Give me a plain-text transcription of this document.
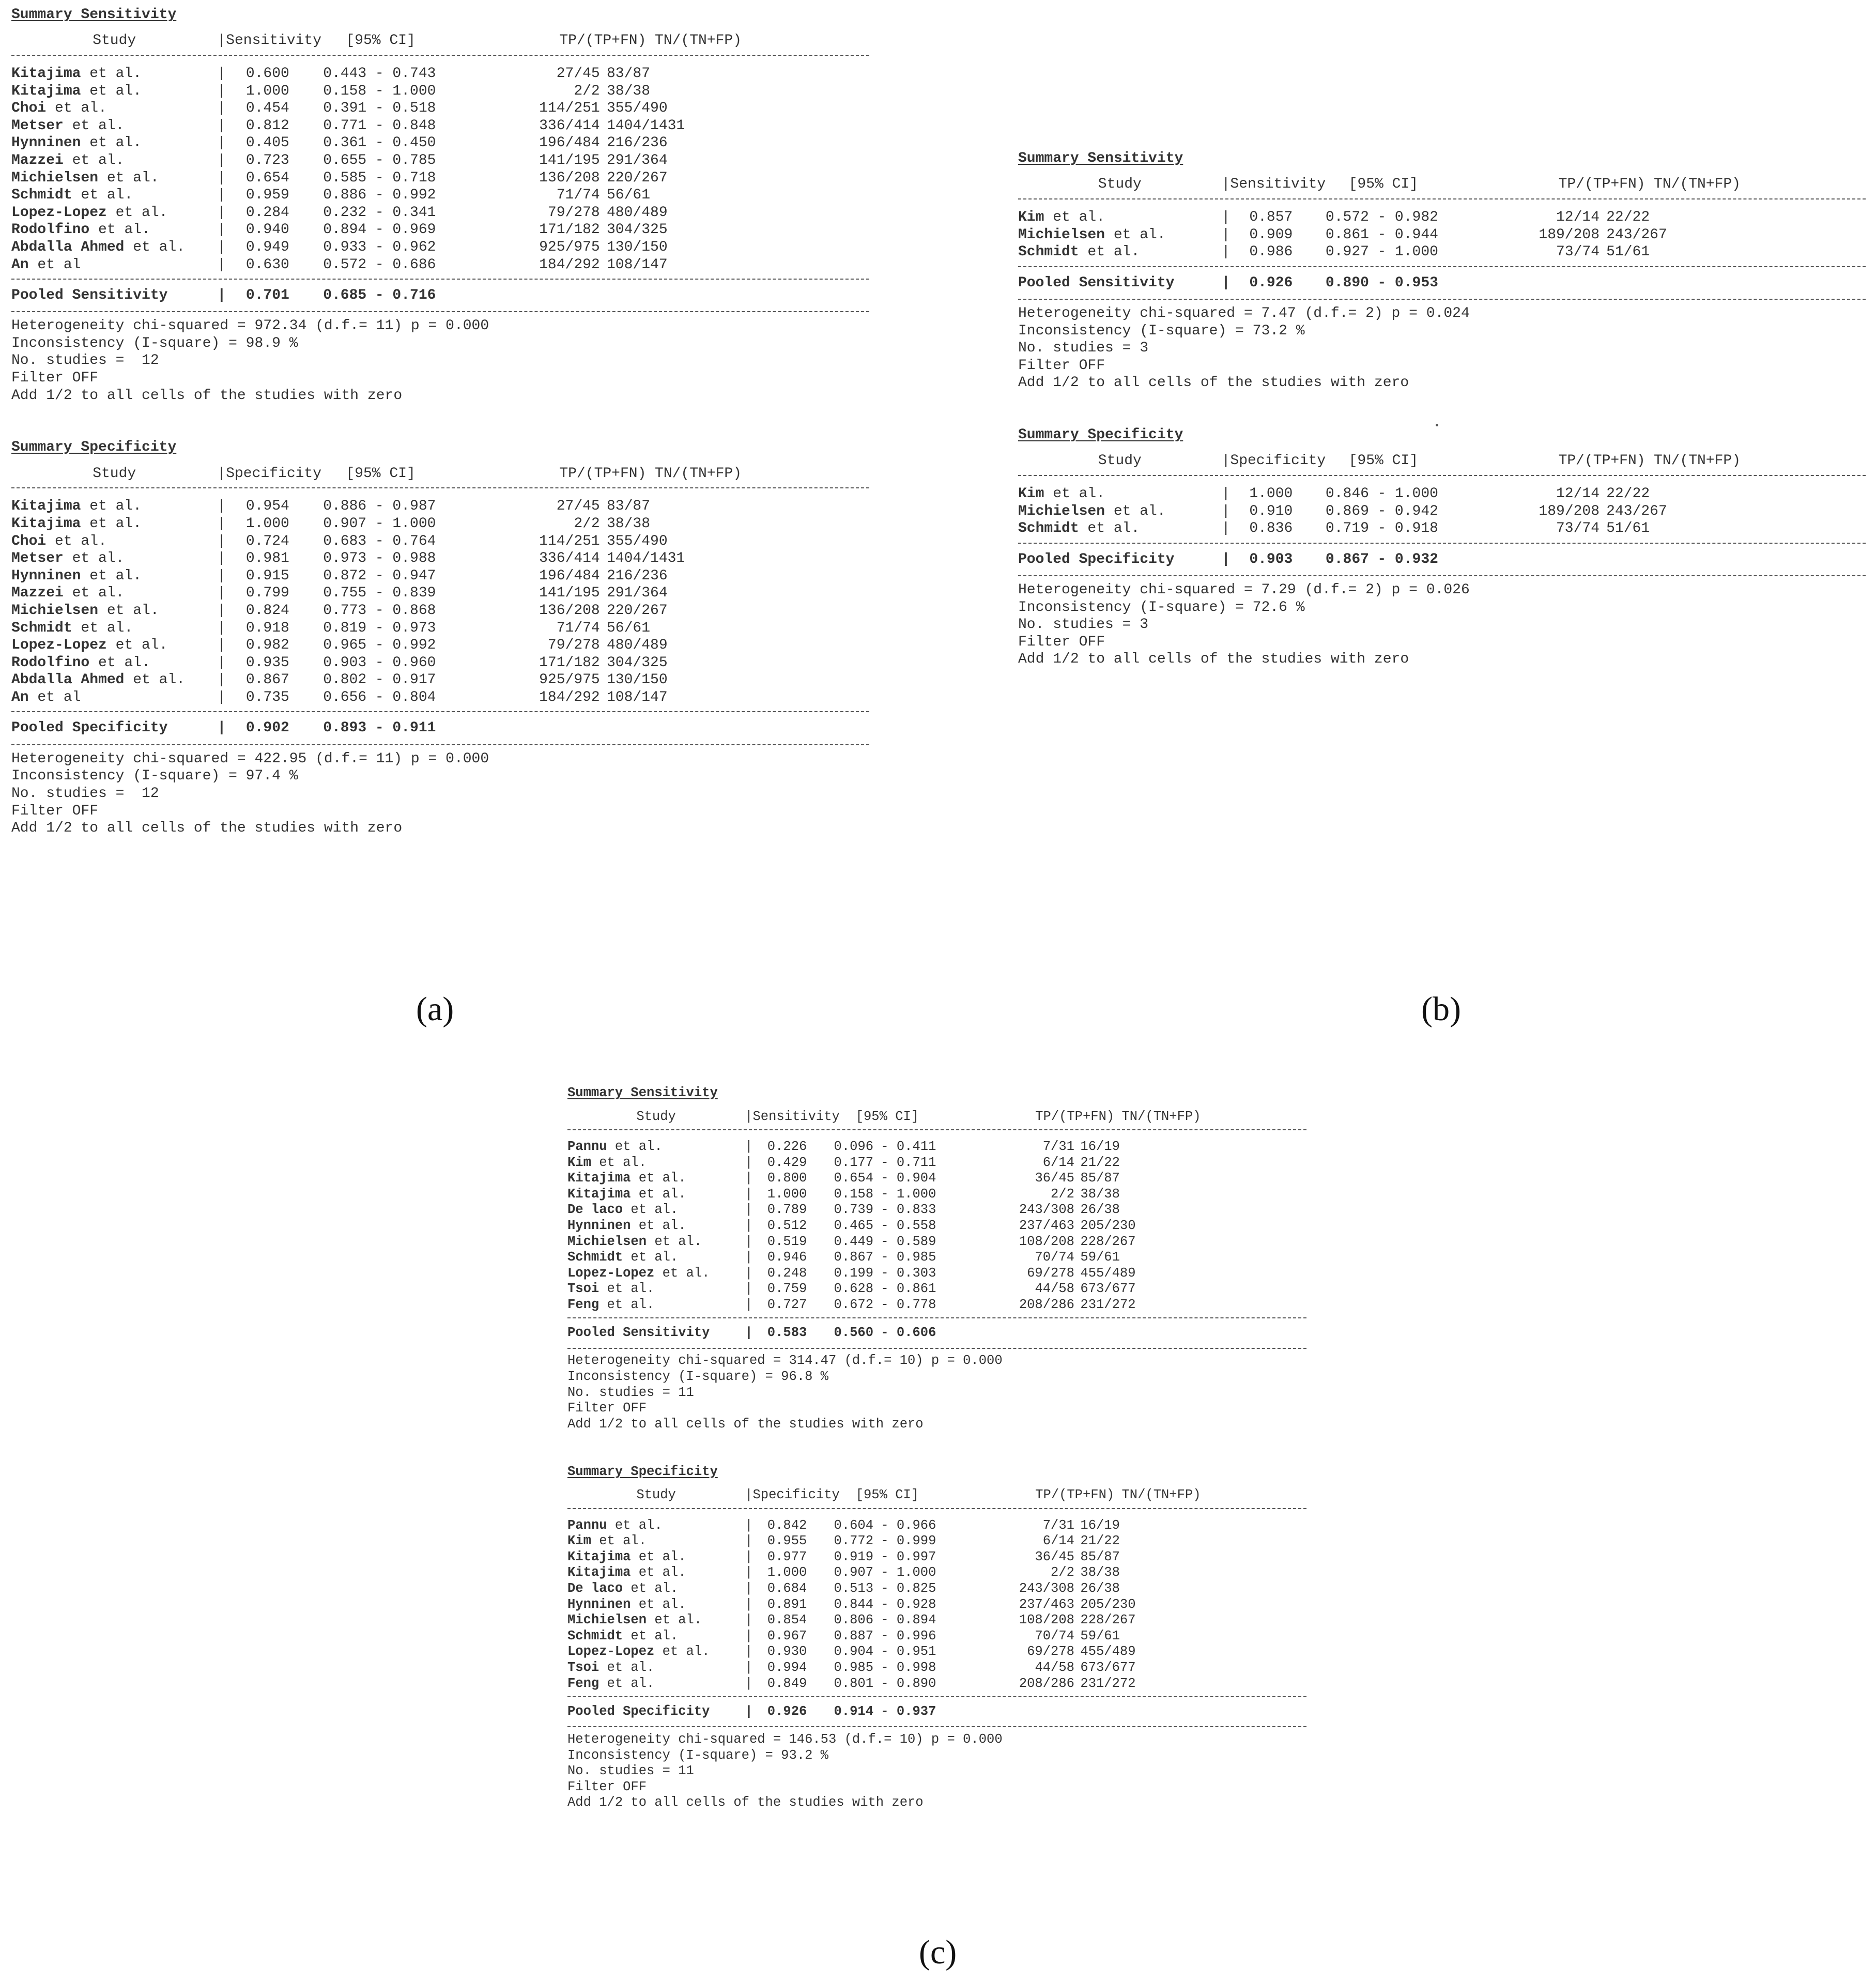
Summary Sensitivity
Study	|Sensitivity	[95% CI]	TP/(TP+FN) TN/(TN+FP)
Kitajima et al.	|	0.600	0.443 - 0.743	27/45 83/87
Kitajima et al.	|	1.000	0.158 - 1.000	2/2 38/38
Choi et al.	|	0.454	0.391 - 0.518	114/251 355/490
Metser et al.	|	0.812	0.771 - 0.848	336/414 1404/1431
Hynninen et al.	|	0.405	0.361 - 0.450	196/484 216/236
Mazzei et al.	|	0.723	0.655 - 0.785	141/195 291/364
Michielsen et al.	|	0.654	0.585 - 0.718	136/208 220/267
Schmidt et al.	|	0.959	0.886 - 0.992	71/74 56/61
Lopez-Lopez et al.	|	0.284	0.232 - 0.341	79/278 480/489
Rodolfino et al.	|	0.940	0.894 - 0.969	171/182 304/325
Abdalla Ahmed et al.	|	0.949	0.933 - 0.962	925/975 130/150
An et al	|	0.630	0.572 - 0.686	184/292 108/147
Pooled Sensitivity	|	0.701	0.685 - 0.716
Heterogeneity chi-squared = 972.34 (d.f.= 11) p = 0.000
Inconsistency (I-square) = 98.9 %
No. studies =  12
Filter OFF
Add 1/2 to all cells of the studies with zero
Summary Specificity
Study	|Specificity	[95% CI]	TP/(TP+FN) TN/(TN+FP)
Kitajima et al.	|	0.954	0.886 - 0.987	27/45 83/87
Kitajima et al.	|	1.000	0.907 - 1.000	2/2 38/38
Choi et al.	|	0.724	0.683 - 0.764	114/251 355/490
Metser et al.	|	0.981	0.973 - 0.988	336/414 1404/1431
Hynninen et al.	|	0.915	0.872 - 0.947	196/484 216/236
Mazzei et al.	|	0.799	0.755 - 0.839	141/195 291/364
Michielsen et al.	|	0.824	0.773 - 0.868	136/208 220/267
Schmidt et al.	|	0.918	0.819 - 0.973	71/74 56/61
Lopez-Lopez et al.	|	0.982	0.965 - 0.992	79/278 480/489
Rodolfino et al.	|	0.935	0.903 - 0.960	171/182 304/325
Abdalla Ahmed et al.	|	0.867	0.802 - 0.917	925/975 130/150
An et al	|	0.735	0.656 - 0.804	184/292 108/147
Pooled Specificity	|	0.902	0.893 - 0.911
Heterogeneity chi-squared = 422.95 (d.f.= 11) p = 0.000
Inconsistency (I-square) = 97.4 %
No. studies =  12
Filter OFF
Add 1/2 to all cells of the studies with zero
Summary Sensitivity
Study	|Sensitivity	[95% CI]	TP/(TP+FN) TN/(TN+FP)
Kim et al.	|	0.857	0.572 - 0.982	12/14 22/22
Michielsen et al.	|	0.909	0.861 - 0.944	189/208 243/267
Schmidt et al.	|	0.986	0.927 - 1.000	73/74 51/61
Pooled Sensitivity	|	0.926	0.890 - 0.953
Heterogeneity chi-squared = 7.47 (d.f.= 2) p = 0.024
Inconsistency (I-square) = 73.2 %
No. studies = 3
Filter OFF
Add 1/2 to all cells of the studies with zero
Summary Specificity
Study	|Specificity	[95% CI]	TP/(TP+FN) TN/(TN+FP)
Kim et al.	|	1.000	0.846 - 1.000	12/14 22/22
Michielsen et al.	|	0.910	0.869 - 0.942	189/208 243/267
Schmidt et al.	|	0.836	0.719 - 0.918	73/74 51/61
Pooled Specificity	|	0.903	0.867 - 0.932
Heterogeneity chi-squared = 7.29 (d.f.= 2) p = 0.026
Inconsistency (I-square) = 72.6 %
No. studies = 3
Filter OFF
Add 1/2 to all cells of the studies with zero
Summary Sensitivity
Study	|Sensitivity	[95% CI]	TP/(TP+FN) TN/(TN+FP)
Pannu et al.	|	0.226	0.096 - 0.411	7/31 16/19
Kim et al.	|	0.429	0.177 - 0.711	6/14 21/22
Kitajima et al.	|	0.800	0.654 - 0.904	36/45 85/87
Kitajima et al.	|	1.000	0.158 - 1.000	2/2 38/38
De laco et al.	|	0.789	0.739 - 0.833	243/308 26/38
Hynninen et al.	|	0.512	0.465 - 0.558	237/463 205/230
Michielsen et al.	|	0.519	0.449 - 0.589	108/208 228/267
Schmidt et al.	|	0.946	0.867 - 0.985	70/74 59/61
Lopez-Lopez et al.	|	0.248	0.199 - 0.303	69/278 455/489
Tsoi et al.	|	0.759	0.628 - 0.861	44/58 673/677
Feng et al.	|	0.727	0.672 - 0.778	208/286 231/272
Pooled Sensitivity	|	0.583	0.560 - 0.606
Heterogeneity chi-squared = 314.47 (d.f.= 10) p = 0.000
Inconsistency (I-square) = 96.8 %
No. studies = 11
Filter OFF
Add 1/2 to all cells of the studies with zero
Summary Specificity
Study	|Specificity	[95% CI]	TP/(TP+FN) TN/(TN+FP)
Pannu et al.	|	0.842	0.604 - 0.966	7/31 16/19
Kim et al.	|	0.955	0.772 - 0.999	6/14 21/22
Kitajima et al.	|	0.977	0.919 - 0.997	36/45 85/87
Kitajima et al.	|	1.000	0.907 - 1.000	2/2 38/38
De laco et al.	|	0.684	0.513 - 0.825	243/308 26/38
Hynninen et al.	|	0.891	0.844 - 0.928	237/463 205/230
Michielsen et al.	|	0.854	0.806 - 0.894	108/208 228/267
Schmidt et al.	|	0.967	0.887 - 0.996	70/74 59/61
Lopez-Lopez et al.	|	0.930	0.904 - 0.951	69/278 455/489
Tsoi et al.	|	0.994	0.985 - 0.998	44/58 673/677
Feng et al.	|	0.849	0.801 - 0.890	208/286 231/272
Pooled Specificity	|	0.926	0.914 - 0.937
Heterogeneity chi-squared = 146.53 (d.f.= 10) p = 0.000
Inconsistency (I-square) = 93.2 %
No. studies = 11
Filter OFF
Add 1/2 to all cells of the studies with zero
(a)	(b)
(c)
